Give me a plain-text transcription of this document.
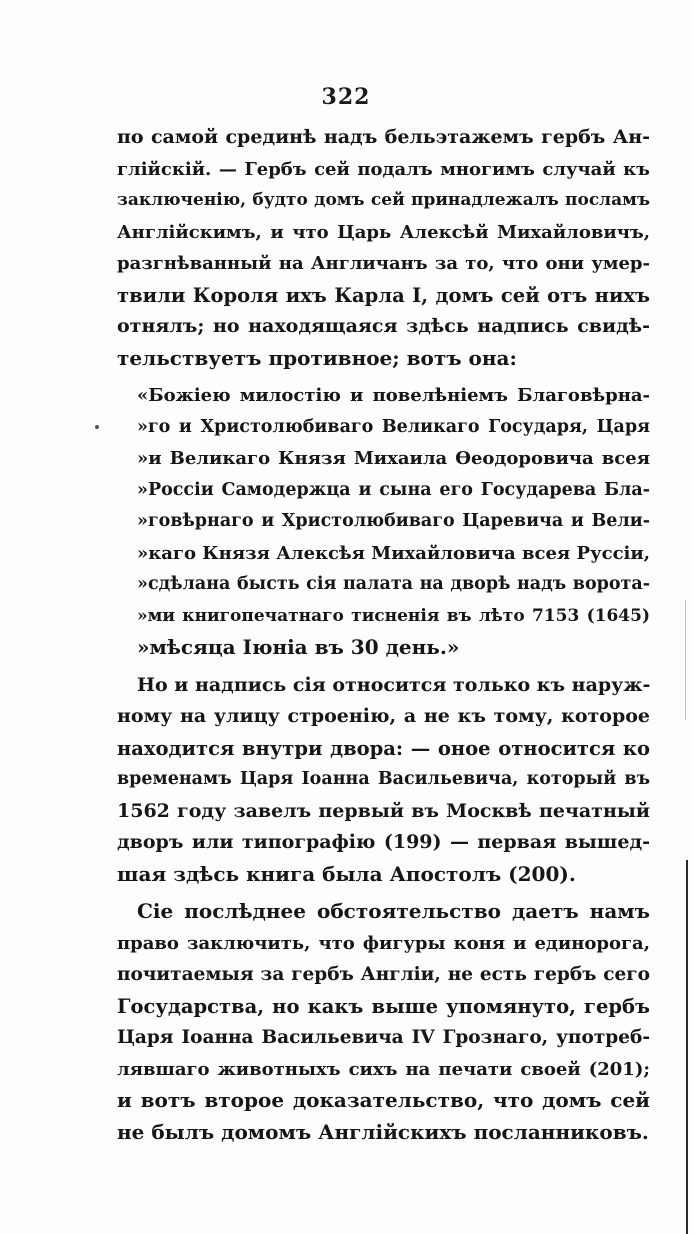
322
по самой срединѣ надъ бельэтажемъ гербъ Ан-
глійскій. — Гербъ сей подалъ многимъ случай къ
заключенію, будто домъ сей принадлежалъ посламъ
Англійскимъ, и что Царь Алексѣй Михайловичъ,
разгнѣванный на Англичанъ за то, что они умер-
твили Короля ихъ Карла I, домъ сей отъ нихъ
отнялъ; но находящаяся здѣсь надпись свидѣ-
тельствуетъ противное; вотъ она:
«Божіею милостію и повелѣніемъ Благовѣрна-
»го и Христолюбиваго Великаго Государя, Царя
»и Великаго Князя Михаила Ѳеодоровича всея
»Россіи Самодержца и сына его Государева Бла-
»говѣрнаго и Христолюбиваго Царевича и Вели-
»каго Князя Алексѣя Михайловича всея Руссіи,
»сдѣлана бысть сія палата на дворѣ надъ ворота-
»ми книгопечатнаго тисненія въ лѣто 7153 (1645)
»мѣсяца Іюніа въ 30 день.»
Но и надпись сія относится только къ наруж-
ному на улицу строенію, а не къ тому, которое
находится внутри двора: — оное относится ко
временамъ Царя Іоанна Васильевича, который въ
1562 году завелъ первый въ Москвѣ печатный
дворъ или типографію (199) — первая вышед-
шая здѣсь книга была Апостолъ (200).
Сіе послѣднее обстоятельство даетъ намъ
право заключить, что фигуры коня и единорога,
почитаемыя за гербъ Англіи, не есть гербъ сего
Государства, но какъ выше упомянуто, гербъ
Царя Іоанна Васильевича IV Грознаго, употреб-
лявшаго животныхъ сихъ на печати своей (201);
и вотъ второе доказательство, что домъ сей
не былъ домомъ Англійскихъ посланниковъ.
